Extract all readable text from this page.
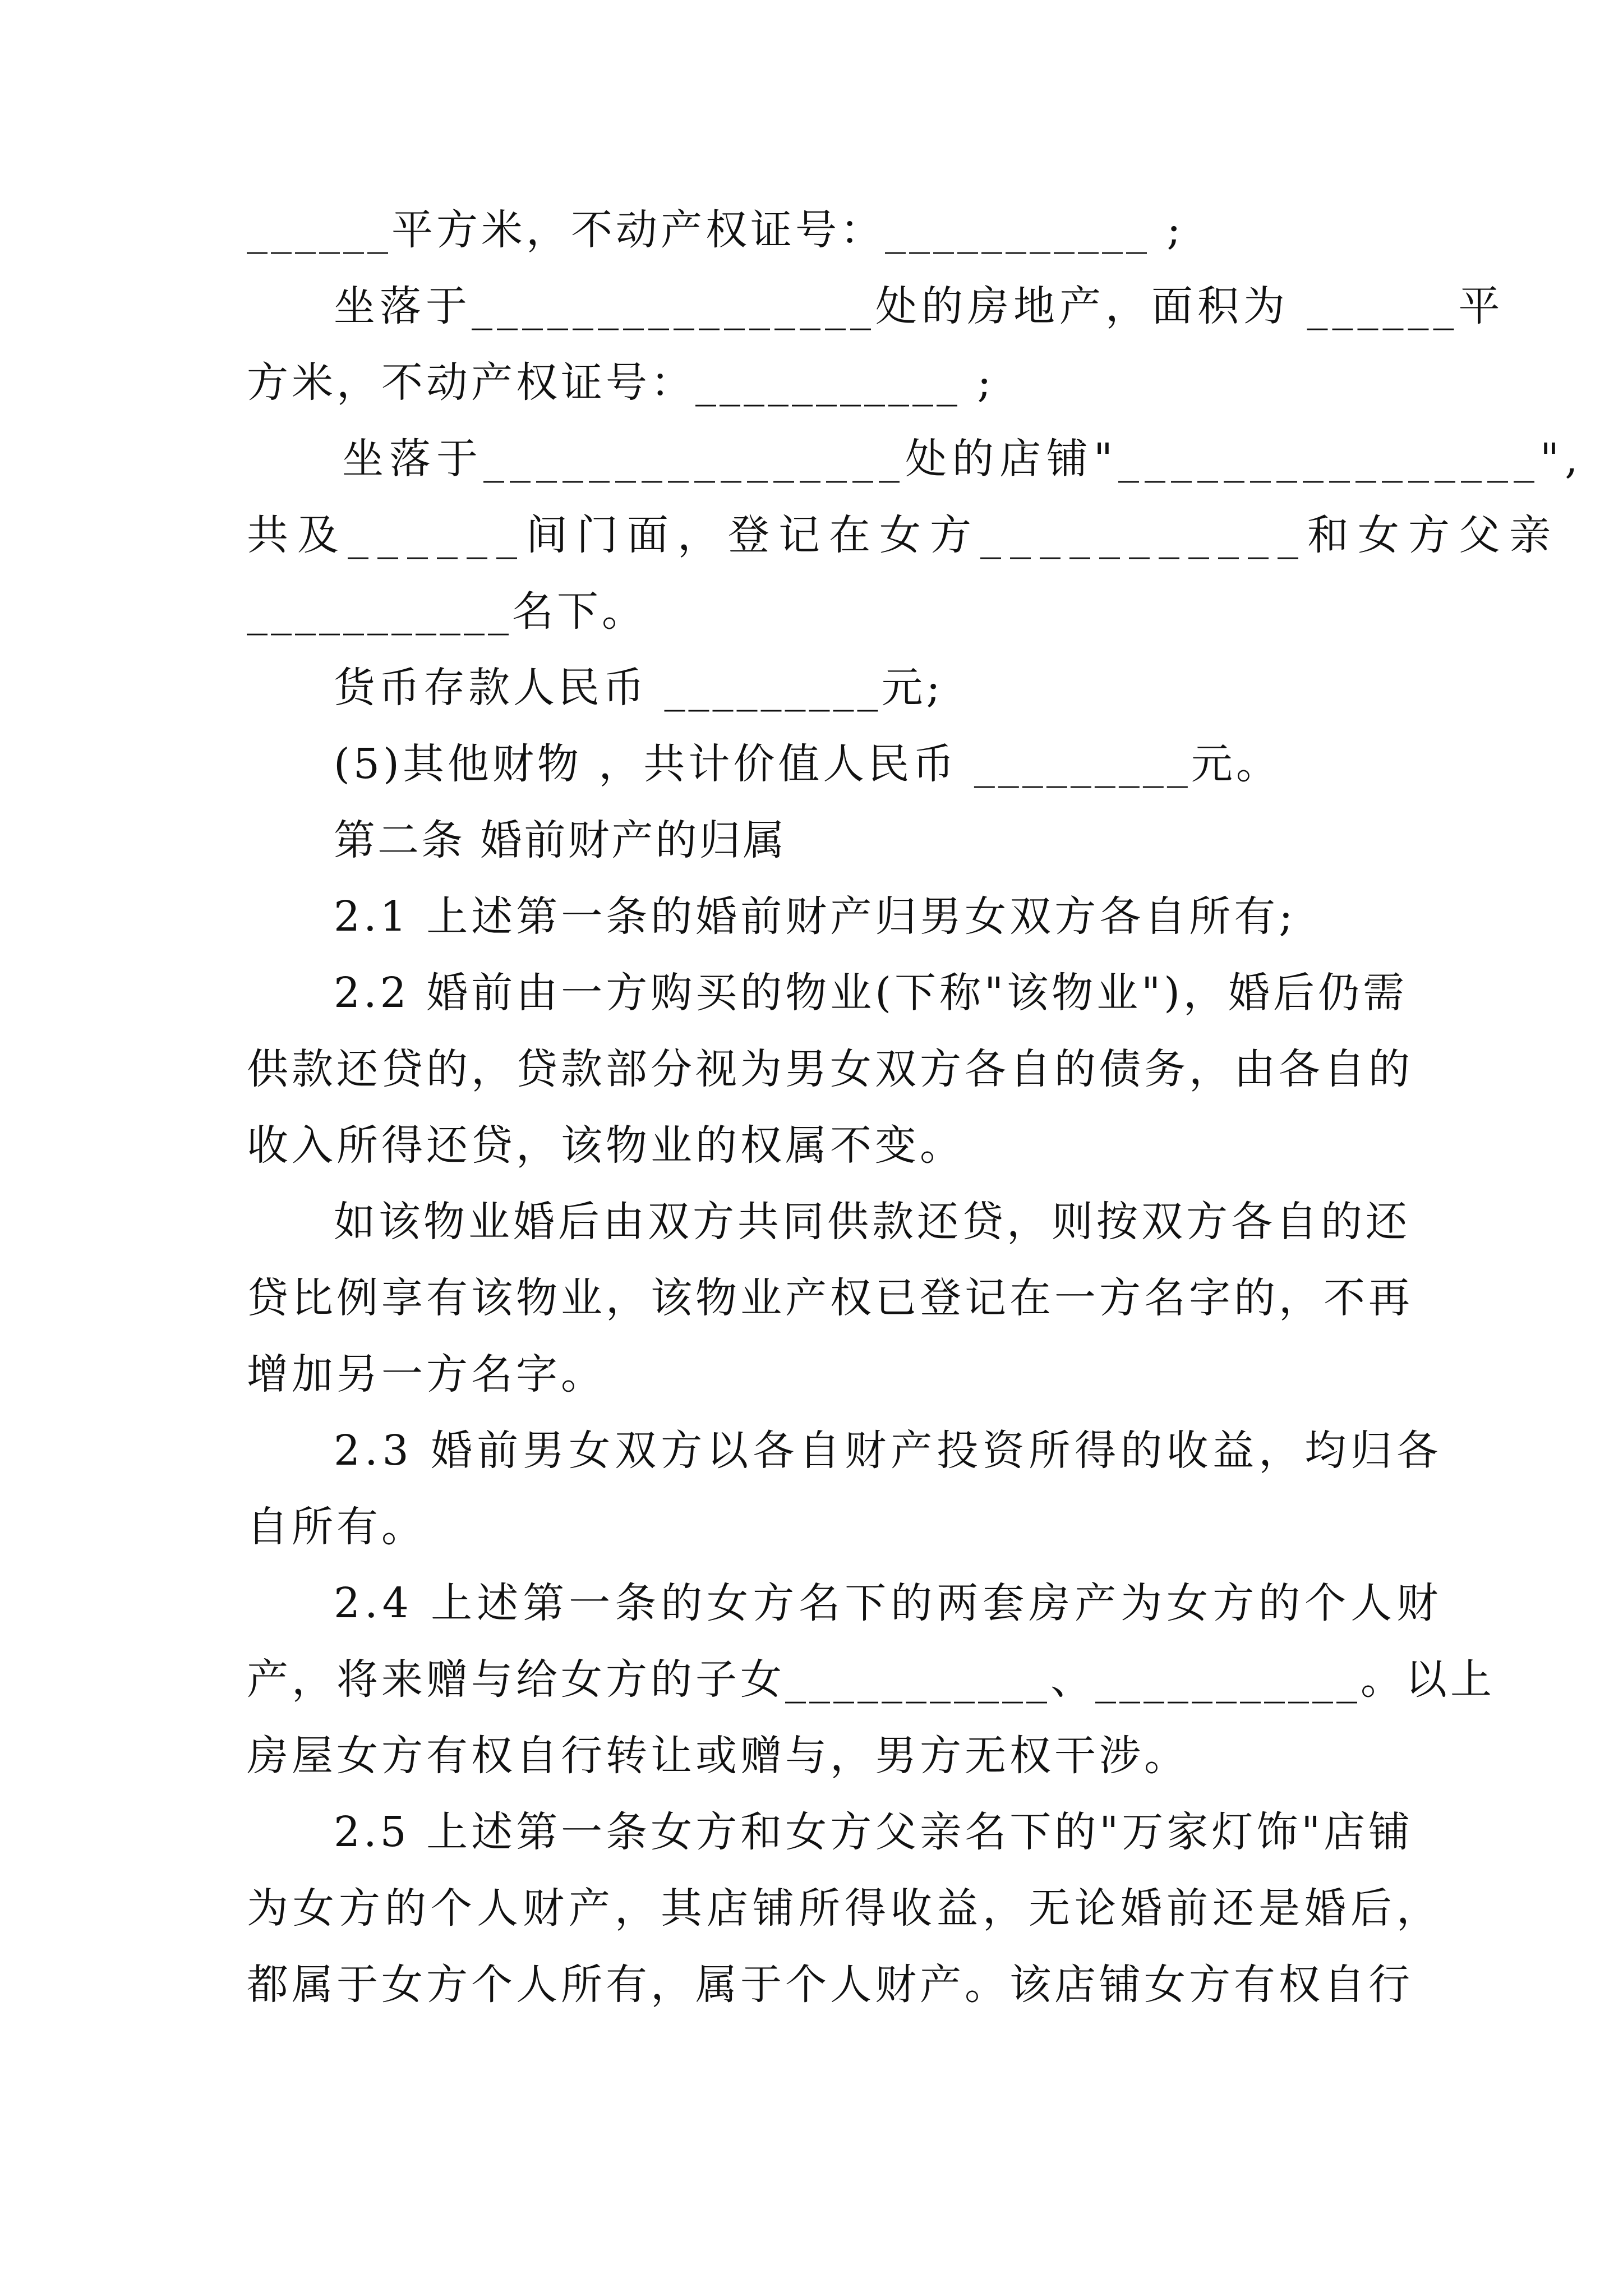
______平方米，不动产权证号：___________ ;
坐落于________________处的房地产，面积为 ______平
方米，不动产权证号：___________ ;
坐落于________________处的店铺"________________",
共及______间门面，登记在女方___________和女方父亲
___________名下。
货币存款人民币 _________元;
(5)其他财物 ，共计价值人民币 _________元。
第二条 婚前财产的归属
2.1 上述第一条的婚前财产归男女双方各自所有;
2.2 婚前由一方购买的物业(下称"该物业")，婚后仍需
供款还贷的，贷款部分视为男女双方各自的债务，由各自的
收入所得还贷，该物业的权属不变。
如该物业婚后由双方共同供款还贷，则按双方各自的还
贷比例享有该物业，该物业产权已登记在一方名字的，不再
增加另一方名字。
2.3 婚前男女双方以各自财产投资所得的收益，均归各
自所有。
2.4 上述第一条的女方名下的两套房产为女方的个人财
产，将来赠与给女方的子女___________、___________。以上
房屋女方有权自行转让或赠与，男方无权干涉。
2.5 上述第一条女方和女方父亲名下的"万家灯饰"店铺
为女方的个人财产，其店铺所得收益，无论婚前还是婚后，
都属于女方个人所有，属于个人财产。该店铺女方有权自行
